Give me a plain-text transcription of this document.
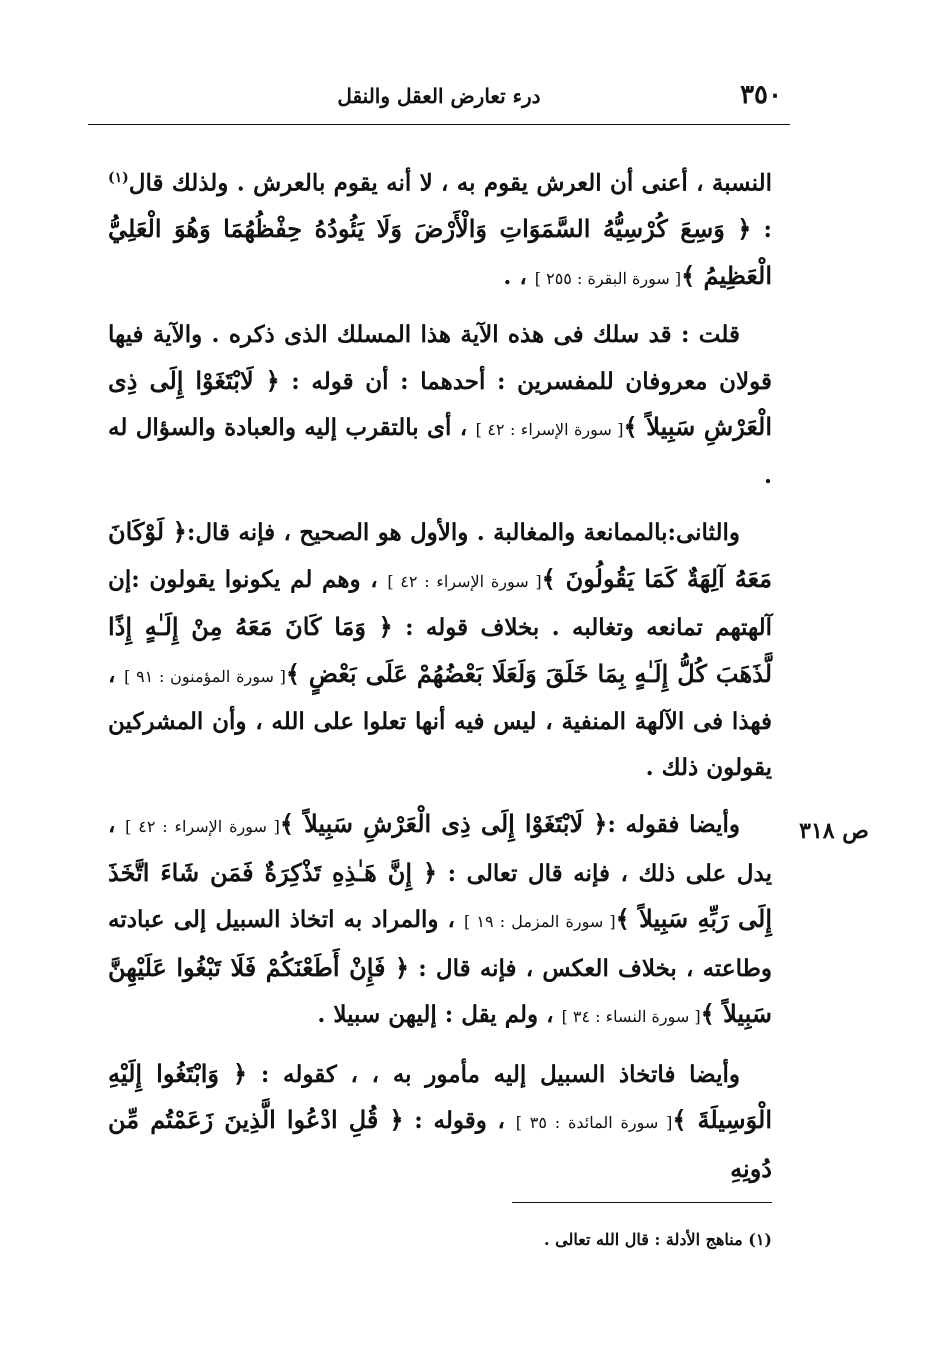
٣٥٠
درء تعارض العقل والنقل

النسبة ، أعنى أن العرش يقوم به ، لا أنه يقوم بالعرش . ولذلك قال$^{(١)}$ : ﴿ وَسِعَ كُرْسِيُّهُ السَّمَوَاتِ وَالْأَرْضَ وَلَا يَئُودُهُ حِفْظُهُمَا وَهُوَ الْعَلِيُّ الْعَظِيمُ ﴾[ سورة البقرة : ٢٥٥ ] ، .

قلت : قد سلك فى هذه الآية هذا المسلك الذى ذكره . والآية فيها قولان معروفان للمفسرين : أحدهما : أن قوله : ﴿ لَابْتَغَوْا إِلَى ذِى الْعَرْشِ سَبِيلاً ﴾[ سورة الإسراء : ٤٢ ] ، أى بالتقرب إليه والعبادة والسؤال له .

والثانى:بالممانعة والمغالبة . والأول هو الصحيح ، فإنه قال:﴿ لَوْكَانَ مَعَهُ آلِهَةٌ كَمَا يَقُولُونَ ﴾[ سورة الإسراء : ٤٢ ] ، وهم لم يكونوا يقولون :إن آلهتهم تمانعه وتغالبه . بخلاف قوله : ﴿ وَمَا كَانَ مَعَهُ مِنْ إِلَـٰهٍ إِذًا لَّذَهَبَ كُلُّ إِلَـٰهٍ بِمَا خَلَقَ وَلَعَلَا بَعْضُهُمْ عَلَى بَعْضٍ ﴾[ سورة المؤمنون : ٩١ ] ، فهذا فى الآلهة المنفية ، ليس فيه أنها تعلوا على الله ، وأن المشركين يقولون ذلك .

وأيضا فقوله :﴿ لَابْتَغَوْا إِلَى ذِى الْعَرْشِ سَبِيلاً ﴾[ سورة الإسراء : ٤٢ ] ، يدل على ذلك ، فإنه قال تعالى : ﴿ إِنَّ هَـٰذِهِ تَذْكِرَةٌ فَمَن شَاءَ اتَّخَذَ إِلَى رَبِّهِ سَبِيلاً ﴾[ سورة المزمل : ١٩ ] ، والمراد به اتخاذ السبيل إلى عبادته وطاعته ، بخلاف العكس ، فإنه قال : ﴿ فَإِنْ أَطَعْنَكُمْ فَلَا تَبْغُوا عَلَيْهِنَّ سَبِيلاً ﴾[ سورة النساء : ٣٤ ] ، ولم يقل : إليهن سبيلا .

وأيضا فاتخاذ السبيل إليه مأمور به ، ، كقوله : ﴿ وَابْتَغُوا إِلَيْهِ الْوَسِيلَةَ ﴾[ سورة المائدة : ٣٥ ] ، وقوله : ﴿ قُلِ ادْعُوا الَّذِينَ زَعَمْتُم مِّن دُونِهِ

ص ٣١٨
(١) مناهج الأدلة : قال الله تعالى .
